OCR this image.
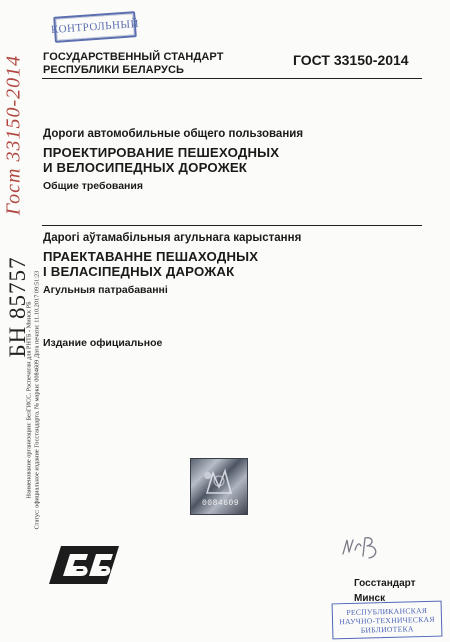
КОНТРОЛЬНЫЙ
ГОСУДАРСТВЕННЫЙ СТАНДАРТ
РЕСПУБЛИКИ БЕЛАРУСЬ
ГОСТ 33150-2014
Дороги автомобильные общего пользования
ПРОЕКТИРОВАНИЕ ПЕШЕХОДНЫХ
И ВЕЛОСИПЕДНЫХ ДОРОЖЕК
Общие требования
Дарогі аўтамабільныя агульнага карыстання
ПРАЕКТАВАННЕ ПЕШАХОДНЫХ
І ВЕЛАСІПЕДНЫХ ДАРОЖАК
Агульныя патрабаванні
Издание официальное
Гост 33150-2014
БН 85757
Наименование организации: БелГИСС. Распечатан для РНТБ - Минск РБ Статус: официальное издание Госстандарта. № марки: 0084609 Дата печати: 11.10.2017 09:51:23	0084609
Госстандарт
Минск
РЕСПУБЛИКАНСКАЯ
НАУЧНО-ТЕХНИЧЕСКАЯ
БИБЛИОТЕКА
